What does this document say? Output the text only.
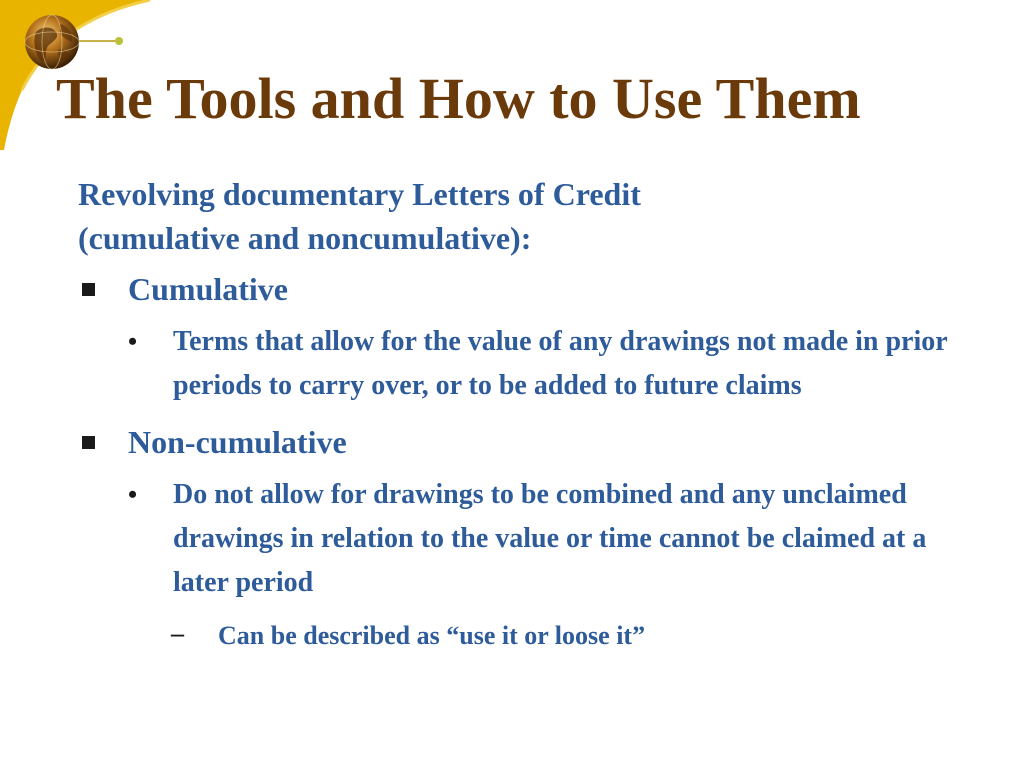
The Tools and How to Use Them

Revolving documentary Letters of Credit
(cumulative and noncumulative):

Cumulative
• Terms that allow for the value of any drawings not made in prior periods to carry over, or to be added to future claims
Non-cumulative
• Do not allow for drawings to be combined and any unclaimed drawings in relation to the value or time cannot be claimed at a later period
– Can be described as “use it or loose it”
